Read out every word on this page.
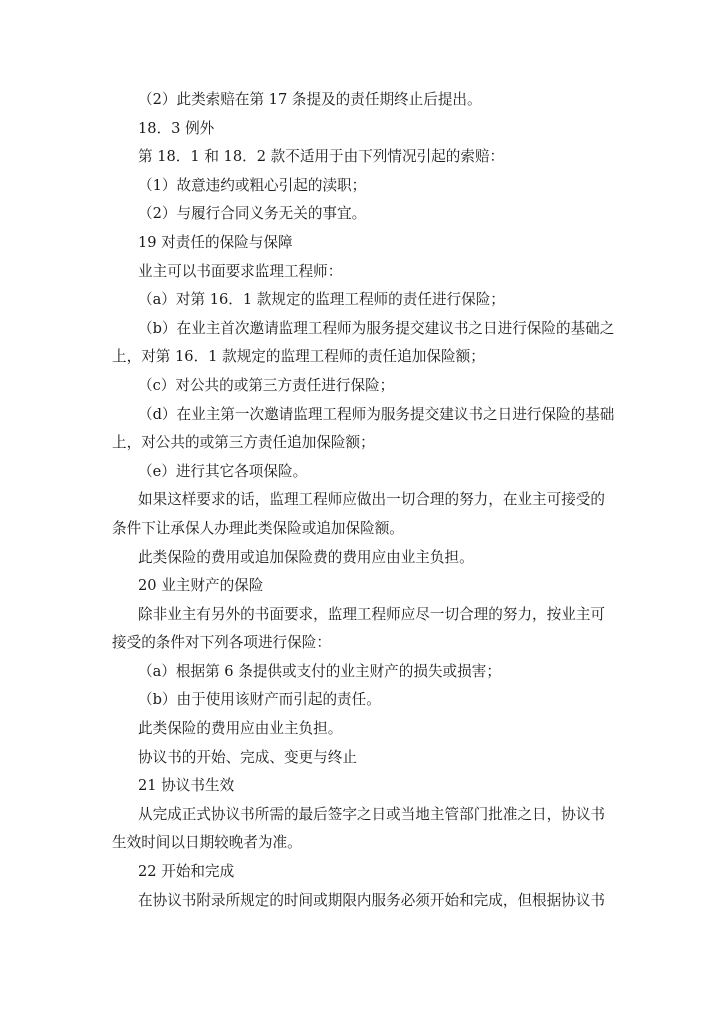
（2）此类索赔在第 17 条提及的责任期终止后提出。

18．3 例外

第 18．1 和 18．2 款不适用于由下列情况引起的索赔：

（1）故意违约或粗心引起的渎职；

（2）与履行合同义务无关的事宜。

19 对责任的保险与保障

业主可以书面要求监理工程师：

（a）对第 16．1 款规定的监理工程师的责任进行保险；

（b）在业主首次邀请监理工程师为服务提交建议书之日进行保险的基础之
上，对第 16．1 款规定的监理工程师的责任追加保险额；

（c）对公共的或第三方责任进行保险；

（d）在业主第一次邀请监理工程师为服务提交建议书之日进行保险的基础
上，对公共的或第三方责任追加保险额；

（e）进行其它各项保险。

如果这样要求的话，监理工程师应做出一切合理的努力，在业主可接受的
条件下让承保人办理此类保险或追加保险额。

此类保险的费用或追加保险费的费用应由业主负担。

20 业主财产的保险

除非业主有另外的书面要求，监理工程师应尽一切合理的努力，按业主可
接受的条件对下列各项进行保险：

（a）根据第 6 条提供或支付的业主财产的损失或损害；

（b）由于使用该财产而引起的责任。

此类保险的费用应由业主负担。

协议书的开始、完成、变更与终止

21 协议书生效

从完成正式协议书所需的最后签字之日或当地主管部门批准之日，协议书
生效时间以日期较晚者为准。

22 开始和完成

在协议书附录所规定的时间或期限内服务必须开始和完成，但根据协议书
